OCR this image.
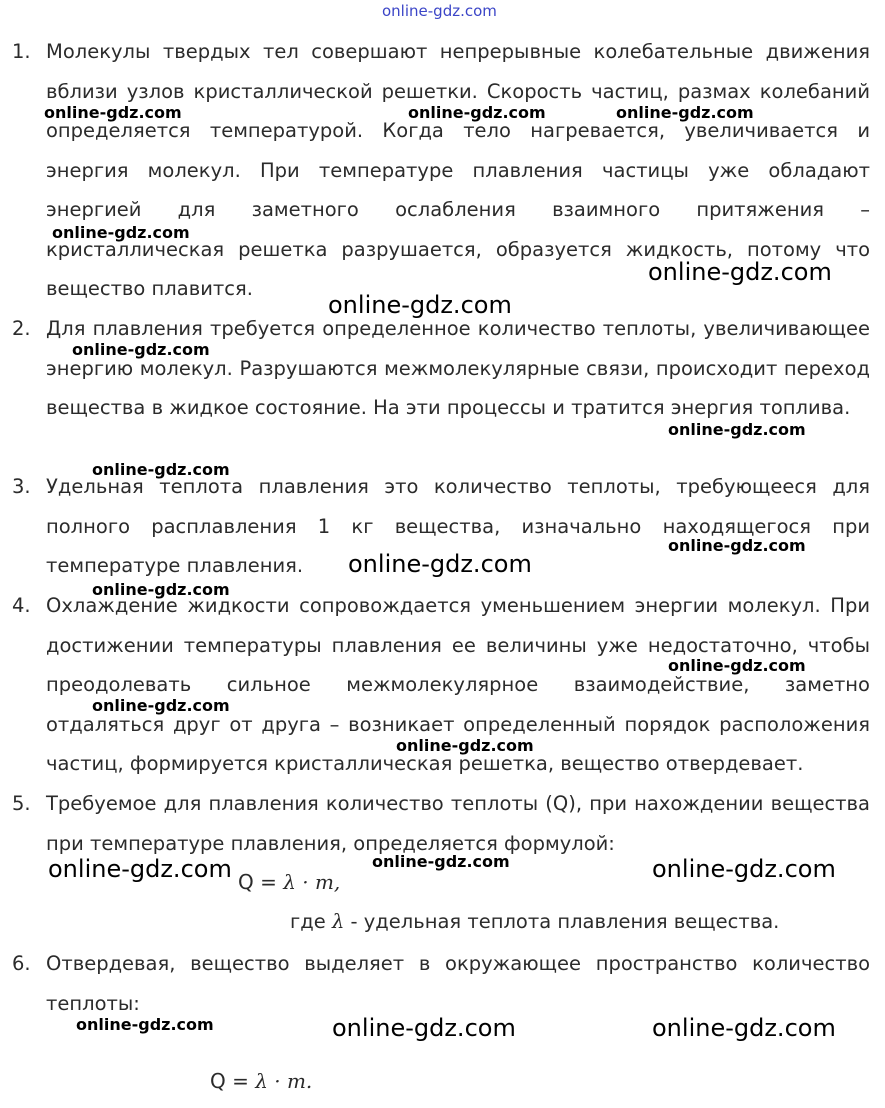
online-gdz.com
1. Молекулы твердых тел совершают непрерывные колебательные движения вблизи узлов кристаллической решетки. Скорость частиц, размах колебаний определяется температурой. Когда тело нагревается, увеличивается и энергия молекул. При температуре плавления частицы уже обладают энергией для заметного ослабления взаимного притяжения – кристаллическая решетка разрушается, образуется жидкость, потому что вещество плавится.
2. Для плавления требуется определенное количество теплоты, увеличивающее энергию молекул. Разрушаются межмолекулярные связи, происходит переход вещества в жидкое состояние. На эти процессы и тратится энергия топлива.
3. Удельная теплота плавления это количество теплоты, требующееся для полного расплавления 1 кг вещества, изначально находящегося при температуре плавления.
4. Охлаждение жидкости сопровождается уменьшением энергии молекул. При достижении температуры плавления ее величины уже недостаточно, чтобы преодолевать сильное межмолекулярное взаимодействие, заметно отдаляться друг от друга – возникает определенный порядок расположения частиц, формируется кристаллическая решетка, вещество отвердевает.
5. Требуемое для плавления количество теплоты (Q), при нахождении вещества при температуре плавления, определяется формулой:
Q = λ · m,
где λ - удельная теплота плавления вещества.
6. Отвердевая, вещество выделяет в окружающее пространство количество теплоты:
Q = λ · m.
online-gdz.com	online-gdz.com	online-gdz.com
online-gdz.com
online-gdz.com
online-gdz.com
online-gdz.com
online-gdz.com
online-gdz.com
online-gdz.com
online-gdz.com
online-gdz.com
online-gdz.com
online-gdz.com
online-gdz.com
online-gdz.com	online-gdz.com	online-gdz.com
online-gdz.com	online-gdz.com	online-gdz.com
